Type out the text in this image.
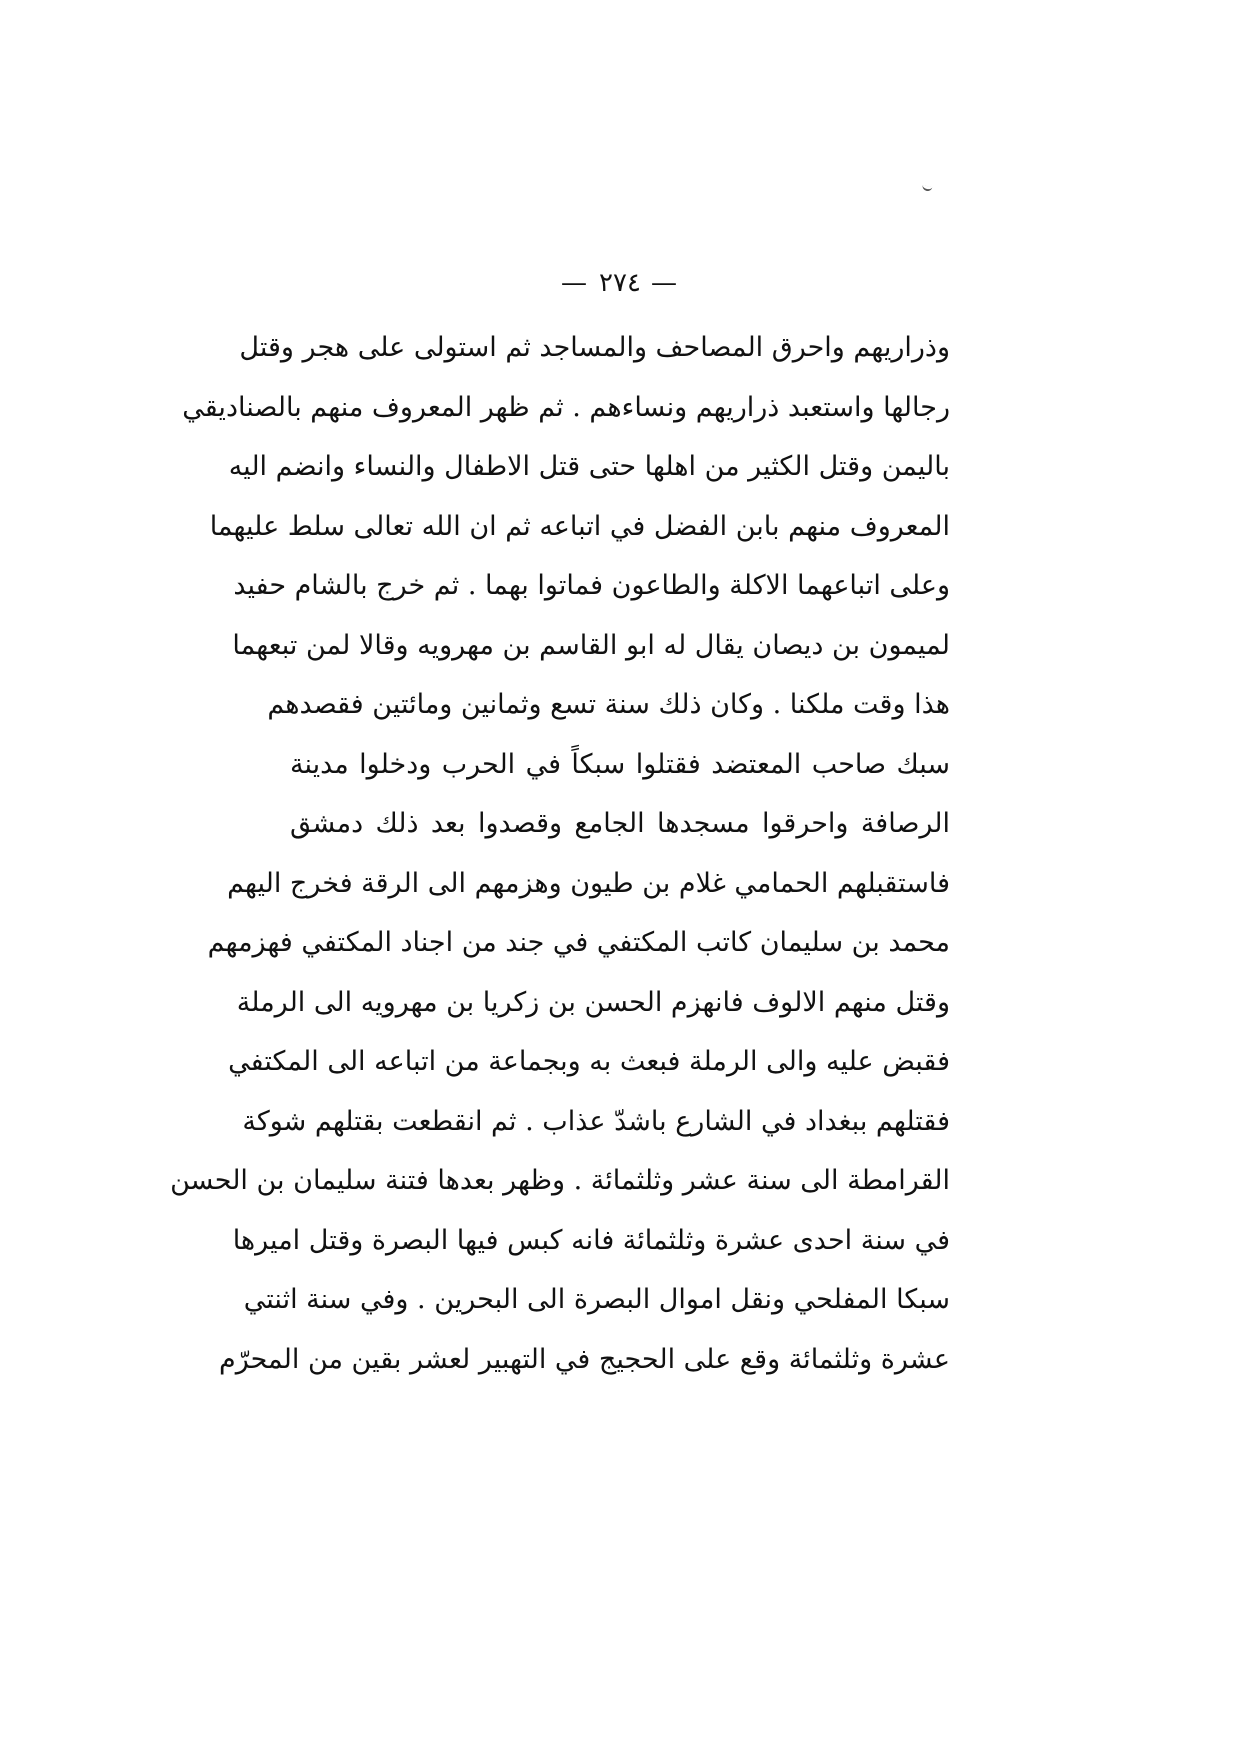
— ٢٧٤ —
وذراريهم واحرق المصاحف والمساجد ثم استولى على هجر وقتل
رجالها واستعبد ذراريهم ونساءهم . ثم ظهر المعروف منهم بالصناديقي
باليمن وقتل الكثير من اهلها حتى قتل الاطفال والنساء وانضم اليه
المعروف منهم بابن الفضل في اتباعه ثم ان الله تعالى سلط عليهما
وعلى اتباعهما الاكلة والطاعون فماتوا بهما . ثم خرج بالشام حفيد
لميمون بن ديصان يقال له ابو القاسم بن مهرويه وقالا لمن تبعهما
هذا وقت ملكنا . وكان ذلك سنة تسع وثمانين ومائتين فقصدهم
سبك صاحب المعتضد فقتلوا سبكاً في الحرب ودخلوا مدينة
الرصافة واحرقوا مسجدها الجامع وقصدوا بعد ذلك دمشق
فاستقبلهم الحمامي غلام بن طيون وهزمهم الى الرقة فخرج اليهم
محمد بن سليمان كاتب المكتفي في جند من اجناد المكتفي فهزمهم
وقتل منهم الالوف فانهزم الحسن بن زكريا بن مهرويه الى الرملة
فقبض عليه والى الرملة فبعث به وبجماعة من اتباعه الى المكتفي
فقتلهم ببغداد في الشارع باشدّ عذاب . ثم انقطعت بقتلهم شوكة
القرامطة الى سنة عشر وثلثمائة . وظهر بعدها فتنة سليمان بن الحسن
في سنة احدى عشرة وثلثمائة فانه كبس فيها البصرة وقتل اميرها
سبكا المفلحي ونقل اموال البصرة الى البحرين . وفي سنة اثنتي
عشرة وثلثمائة وقع على الحجيج في التهبير لعشر بقين من المحرّم
